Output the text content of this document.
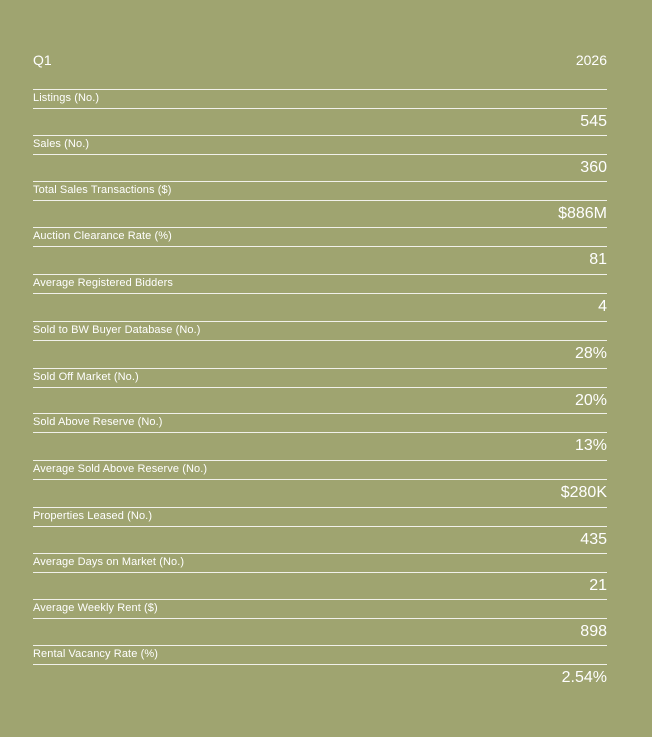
Q1	2026
Listings (No.)
545
Sales (No.)
360
Total Sales Transactions ($)
$886M
Auction Clearance Rate (%)
81
Average Registered Bidders
4
Sold to BW Buyer Database (No.)
28%
Sold Off Market (No.)
20%
Sold Above Reserve (No.)
13%
Average Sold Above Reserve (No.)
$280K
Properties Leased (No.)
435
Average Days on Market (No.)
21
Average Weekly Rent ($)
898
Rental Vacancy Rate (%)
2.54%
